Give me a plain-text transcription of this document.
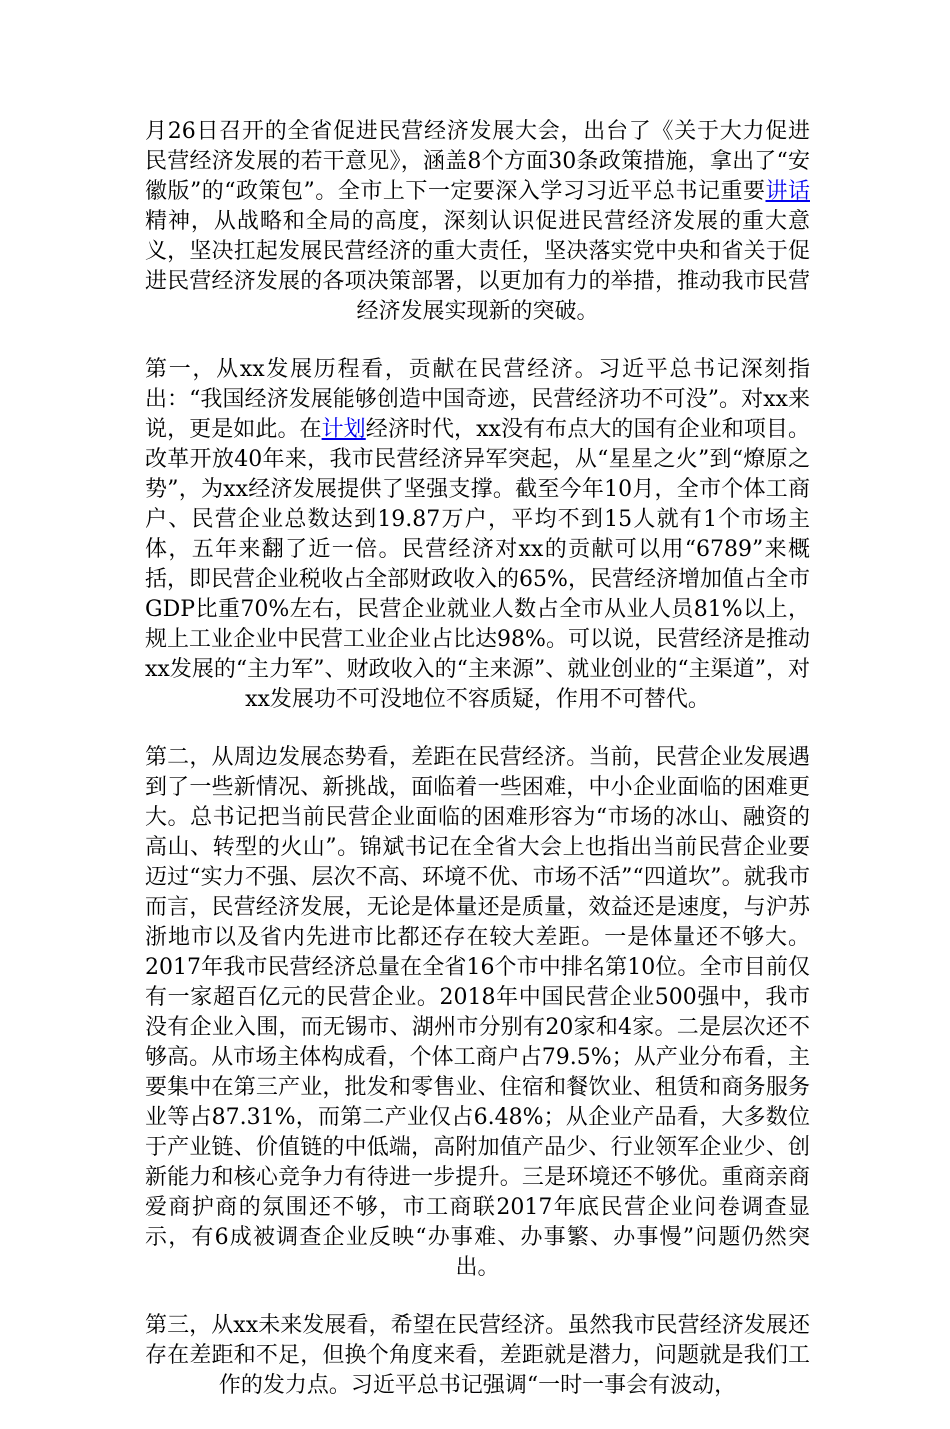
月26日召开的全省促进民营经济发展大会，出台了《关于大力促进民营经济发展的若干意见》，涵盖8个方面30条政策措施，拿出了“安徽版”的“政策包”。全市上下一定要深入学习习近平总书记重要讲话精神，从战略和全局的高度，深刻认识促进民营经济发展的重大意义，坚决扛起发展民营经济的重大责任，坚决落实党中央和省关于促进民营经济发展的各项决策部署，以更加有力的举措，推动我市民营经济发展实现新的突破。

第一，从xx发展历程看，贡献在民营经济。习近平总书记深刻指出：“我国经济发展能够创造中国奇迹，民营经济功不可没”。对xx来说，更是如此。在计划经济时代，xx没有布点大的国有企业和项目。改革开放40年来，我市民营经济异军突起，从“星星之火”到“燎原之势”，为xx经济发展提供了坚强支撑。截至今年10月，全市个体工商户、民营企业总数达到19.87万户，平均不到15人就有1个市场主体，五年来翻了近一倍。民营经济对xx的贡献可以用“6789”来概括，即民营企业税收占全部财政收入的65%，民营经济增加值占全市GDP比重70%左右，民营企业就业人数占全市从业人员81%以上，规上工业企业中民营工业企业占比达98%。可以说，民营经济是推动xx发展的“主力军”、财政收入的“主来源”、就业创业的“主渠道”，对xx发展功不可没地位不容质疑，作用不可替代。

第二，从周边发展态势看，差距在民营经济。当前，民营企业发展遇到了一些新情况、新挑战，面临着一些困难，中小企业面临的困难更大。总书记把当前民营企业面临的困难形容为“市场的冰山、融资的高山、转型的火山”。锦斌书记在全省大会上也指出当前民营企业要迈过“实力不强、层次不高、环境不优、市场不活”“四道坎”。就我市而言，民营经济发展，无论是体量还是质量，效益还是速度，与沪苏浙地市以及省内先进市比都还存在较大差距。一是体量还不够大。2017年我市民营经济总量在全省16个市中排名第10位。全市目前仅有一家超百亿元的民营企业。2018年中国民营企业500强中，我市没有企业入围，而无锡市、湖州市分别有20家和4家。二是层次还不够高。从市场主体构成看，个体工商户占79.5%；从产业分布看，主要集中在第三产业，批发和零售业、住宿和餐饮业、租赁和商务服务业等占87.31%，而第二产业仅占6.48%；从企业产品看，大多数位于产业链、价值链的中低端，高附加值产品少、行业领军企业少、创新能力和核心竞争力有待进一步提升。三是环境还不够优。重商亲商爱商护商的氛围还不够，市工商联2017年底民营企业问卷调查显示，有6成被调查企业反映“办事难、办事繁、办事慢”问题仍然突出。

第三，从xx未来发展看，希望在民营经济。虽然我市民营经济发展还存在差距和不足，但换个角度来看，差距就是潜力，问题就是我们工作的发力点。习近平总书记强调“一时一事会有波动，
